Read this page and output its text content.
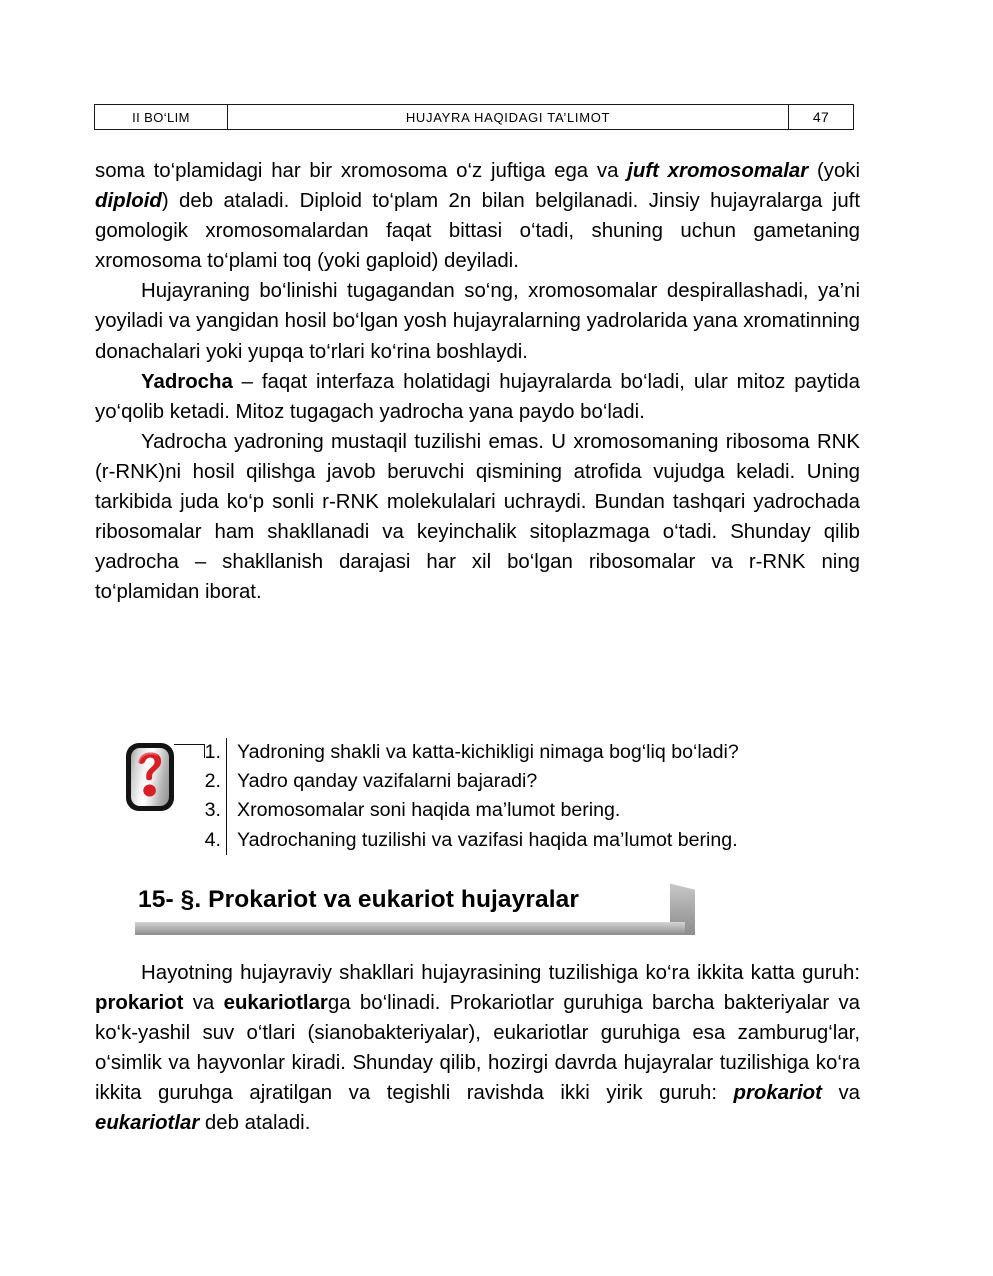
II BO‘LIM	HUJAYRA HAQIDAGI TA’LIMOT	47

soma to‘plamidagi har bir xromosoma o‘z juftiga ega va juft xromosomalar (yoki diploid) deb ataladi. Diploid to‘plam 2n bilan belgilanadi. Jinsiy hujayralarga juft gomologik xromosomalardan faqat bittasi o‘tadi, shuning uchun gametaning xromosoma to‘plami toq (yoki gaploid) deyiladi.

Hujayraning bo‘linishi tugagandan so‘ng, xromosomalar despirallashadi, ya’ni yoyiladi va yangidan hosil bo‘lgan yosh hujayralarning yadrolarida yana xromatinning donachalari yoki yupqa to‘rlari ko‘rina boshlaydi.

Yadrocha – faqat interfaza holatidagi hujayralarda bo‘ladi, ular mitoz paytida yo‘qolib ketadi. Mitoz tugagach yadrocha yana paydo bo‘ladi.

Yadrocha yadroning mustaqil tuzilishi emas. U xromosomaning ribosoma RNK (r-RNK)ni hosil qilishga javob beruvchi qismining atrofida vujudga keladi. Uning tarkibida juda ko‘p sonli r-RNK molekulalari uchraydi. Bundan tashqari yadrochada ribosomalar ham shakllanadi va keyinchalik sitoplazmaga o‘tadi. Shunday qilib yadrocha – shakllanish darajasi har xil bo‘lgan ribosomalar va r-RNK ning to‘plamidan iborat.

1. Yadroning shakli va katta-kichikligi nimaga bog‘liq bo‘ladi?
2. Yadro qanday vazifalarni bajaradi?
3. Xromosomalar soni haqida ma’lumot bering.
4. Yadrochaning tuzilishi va vazifasi haqida ma’lumot bering.
15- §. Prokariot va eukariot hujayralar

Hayotning hujayraviy shakllari hujayrasining tuzilishiga ko‘ra ikkita katta guruh: prokariot va eukariotlarga bo‘linadi. Prokariotlar guruhiga barcha bakteriyalar va ko‘k-yashil suv o‘tlari (sianobakteriyalar), eukariotlar guruhiga esa zamburug‘lar, o‘simlik va hayvonlar kiradi. Shunday qilib, hozirgi davrda hujayralar tuzilishiga ko‘ra ikkita guruhga ajratilgan va tegishli ravishda ikki yirik guruh: prokariot va eukariotlar deb ataladi.
